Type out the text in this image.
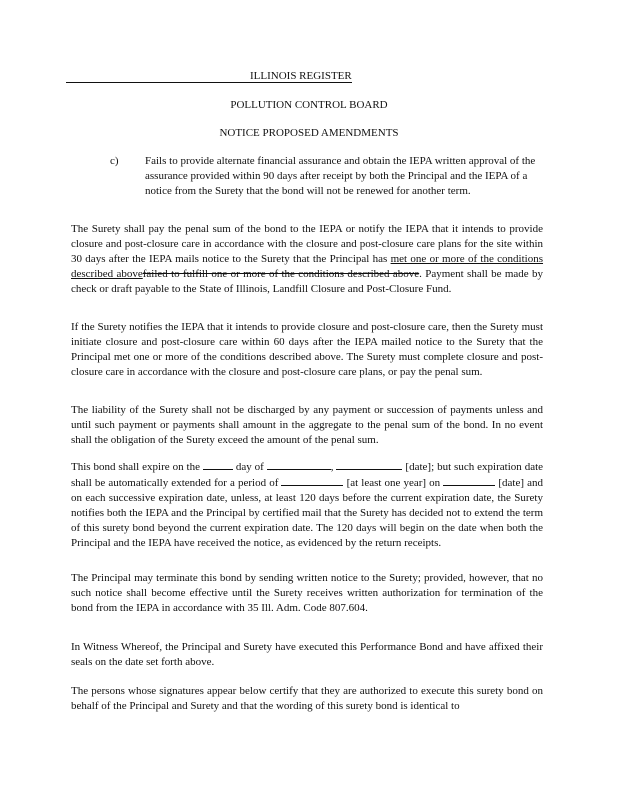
ILLINOIS REGISTER
POLLUTION CONTROL BOARD
NOTICE PROPOSED AMENDMENTS
c) Fails to provide alternate financial assurance and obtain the IEPA written approval of the assurance provided within 90 days after receipt by both the Principal and the IEPA of a notice from the Surety that the bond will not be renewed for another term.
The Surety shall pay the penal sum of the bond to the IEPA or notify the IEPA that it intends to provide closure and post-closure care in accordance with the closure and post-closure care plans for the site within 30 days after the IEPA mails notice to the Surety that the Principal has met one or more of the conditions described abovefailed to fulfill one or more of the conditions described above. Payment shall be made by check or draft payable to the State of Illinois, Landfill Closure and Post-Closure Fund.
If the Surety notifies the IEPA that it intends to provide closure and post-closure care, then the Surety must initiate closure and post-closure care within 60 days after the IEPA mailed notice to the Surety that the Principal met one or more of the conditions described above. The Surety must complete closure and post-closure care in accordance with the closure and post-closure care plans, or pay the penal sum.
The liability of the Surety shall not be discharged by any payment or succession of payments unless and until such payment or payments shall amount in the aggregate to the penal sum of the bond. In no event shall the obligation of the Surety exceed the amount of the penal sum.
This bond shall expire on the	day of	,	[date]; but such expiration date shall be automatically extended for a period of	[at least one year] on	[date] and on each successive expiration date, unless, at least 120 days before the current expiration date, the Surety notifies both the IEPA and the Principal by certified mail that the Surety has decided not to extend the term of this surety bond beyond the current expiration date. The 120 days will begin on the date when both the Principal and the IEPA have received the notice, as evidenced by the return receipts.
The Principal may terminate this bond by sending written notice to the Surety; provided, however, that no such notice shall become effective until the Surety receives written authorization for termination of the bond from the IEPA in accordance with 35 Ill. Adm. Code 807.604.
In Witness Whereof, the Principal and Surety have executed this Performance Bond and have affixed their seals on the date set forth above.
The persons whose signatures appear below certify that they are authorized to execute this surety bond on behalf of the Principal and Surety and that the wording of this surety bond is identical to
